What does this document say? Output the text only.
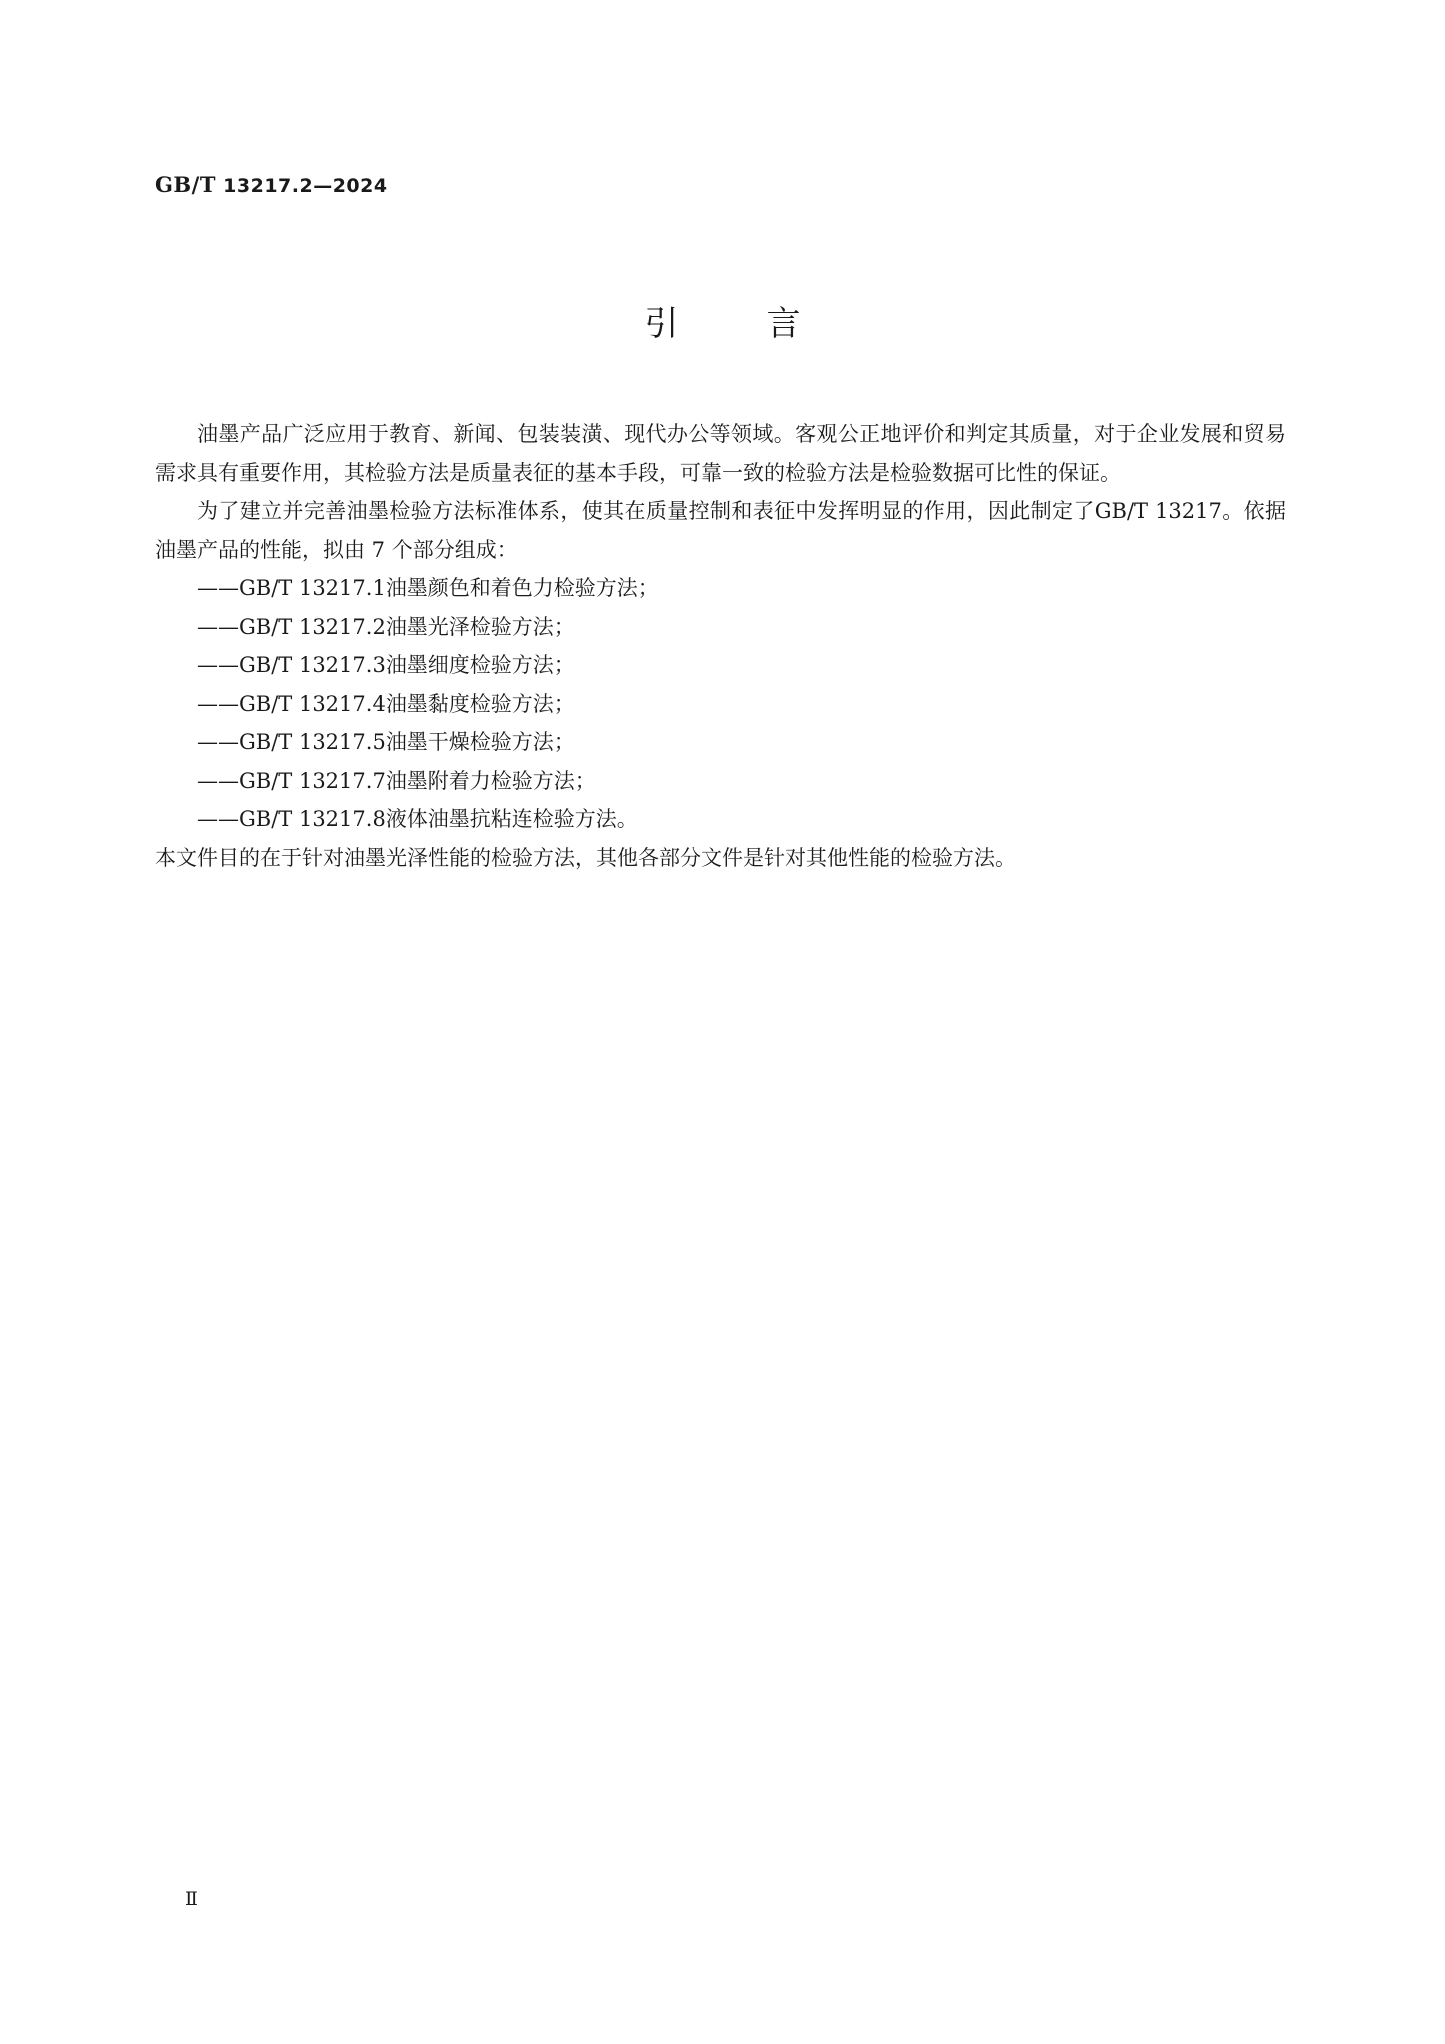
GB/T 13217.2—2024
引言

油墨产品广泛应用于教育、新闻、包装装潢、现代办公等领域。客观公正地评价和判定其质量，对于企业发展和贸易需求具有重要作用，其检验方法是质量表征的基本手段，可靠一致的检验方法是检验数据可比性的保证。

为了建立并完善油墨检验方法标准体系，使其在质量控制和表征中发挥明显的作用，因此制定了GB/T 13217。依据油墨产品的性能，拟由 7 个部分组成：

——GB/T 13217.1油墨颜色和着色力检验方法；
——GB/T 13217.2油墨光泽检验方法；
——GB/T 13217.3油墨细度检验方法；
——GB/T 13217.4油墨黏度检验方法；
——GB/T 13217.5油墨干燥检验方法；
——GB/T 13217.7油墨附着力检验方法；
——GB/T 13217.8液体油墨抗粘连检验方法。

本文件目的在于针对油墨光泽性能的检验方法，其他各部分文件是针对其他性能的检验方法。

Ⅱ
